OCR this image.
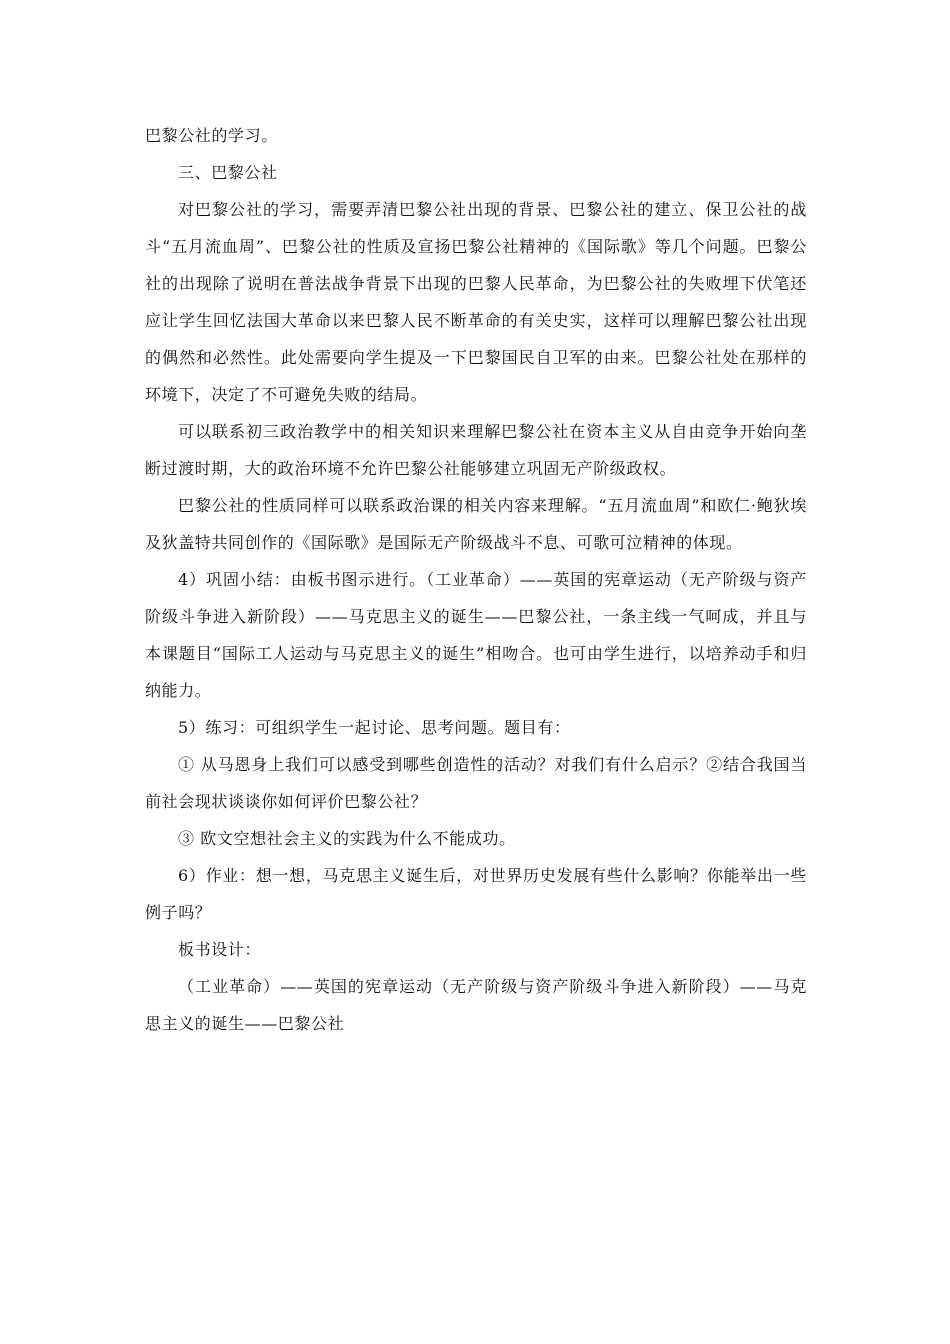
巴黎公社的学习。

三、巴黎公社

对巴黎公社的学习，需要弄清巴黎公社出现的背景、巴黎公社的建立、保卫公社的战斗“五月流血周”、巴黎公社的性质及宣扬巴黎公社精神的《国际歌》等几个问题。巴黎公社的出现除了说明在普法战争背景下出现的巴黎人民革命，为巴黎公社的失败埋下伏笔还应让学生回忆法国大革命以来巴黎人民不断革命的有关史实，这样可以理解巴黎公社出现的偶然和必然性。此处需要向学生提及一下巴黎国民自卫军的由来。巴黎公社处在那样的环境下，决定了不可避免失败的结局。

可以联系初三政治教学中的相关知识来理解巴黎公社在资本主义从自由竞争开始向垄断过渡时期，大的政治环境不允许巴黎公社能够建立巩固无产阶级政权。

巴黎公社的性质同样可以联系政治课的相关内容来理解。“五月流血周”和欧仁·鲍狄埃及狄盖特共同创作的《国际歌》是国际无产阶级战斗不息、可歌可泣精神的体现。

4）巩固小结：由板书图示进行。（工业革命）——英国的宪章运动（无产阶级与资产阶级斗争进入新阶段）——马克思主义的诞生——巴黎公社，一条主线一气呵成，并且与本课题目“国际工人运动与马克思主义的诞生”相吻合。也可由学生进行，以培养动手和归纳能力。

5）练习：可组织学生一起讨论、思考问题。题目有：

① 从马恩身上我们可以感受到哪些创造性的活动？对我们有什么启示？②结合我国当前社会现状谈谈你如何评价巴黎公社？

③ 欧文空想社会主义的实践为什么不能成功。

6）作业：想一想，马克思主义诞生后，对世界历史发展有些什么影响？你能举出一些例子吗？

板书设计：

（工业革命）——英国的宪章运动（无产阶级与资产阶级斗争进入新阶段）——马克思主义的诞生——巴黎公社
